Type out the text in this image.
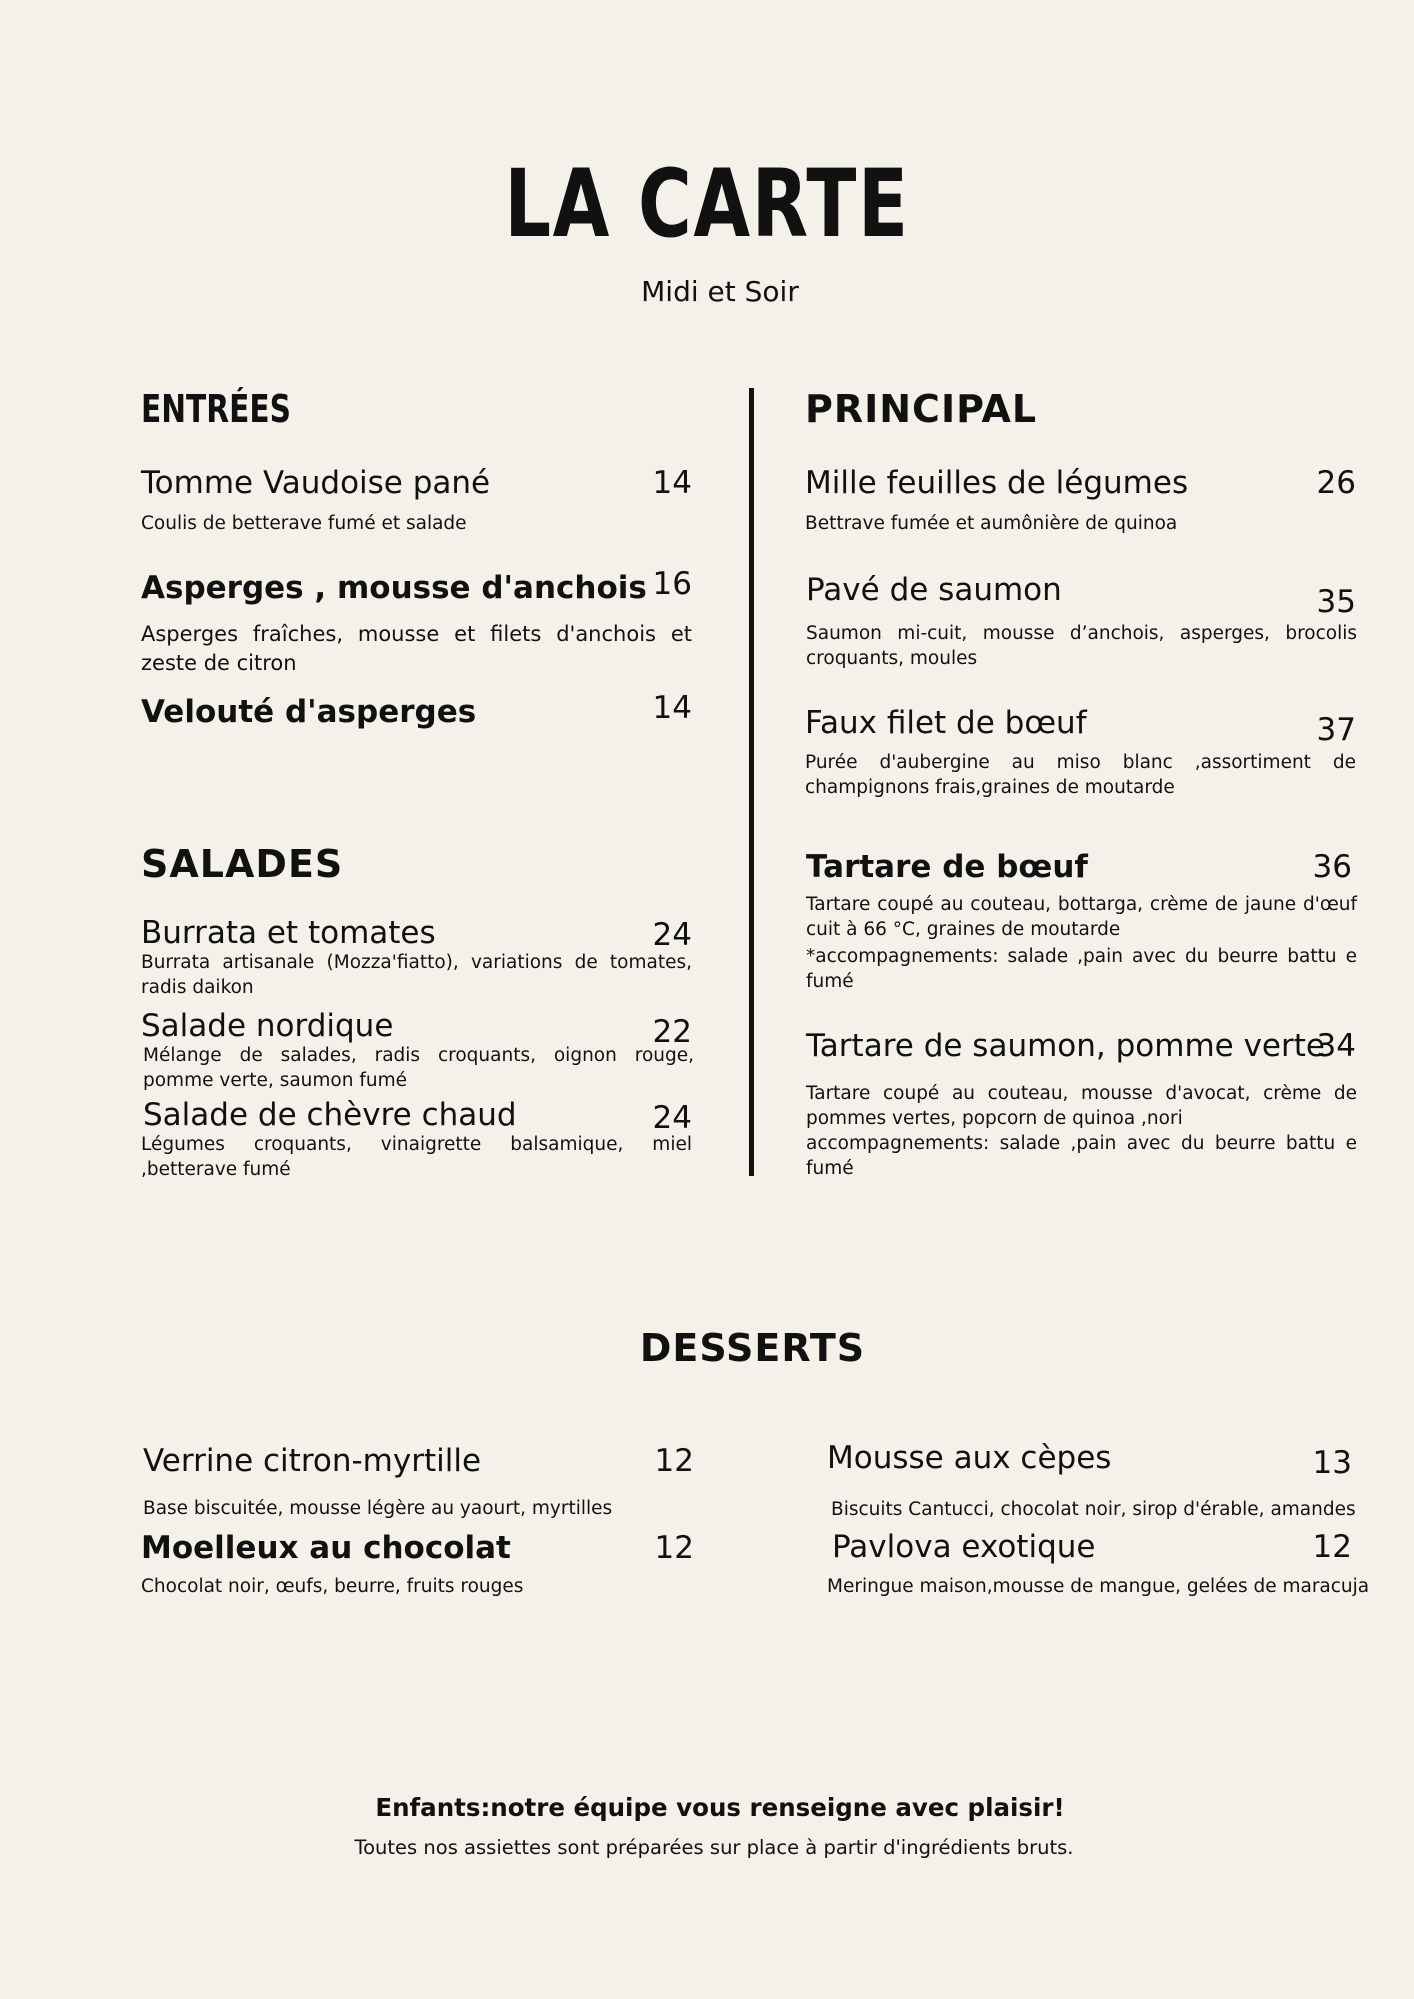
LA CARTE
Midi et Soir
ENTRÉES
Tomme Vaudoise pané	14
Coulis de betterave fumé et salade
Asperges , mousse d'anchois 16
Asperges fraîches, mousse et filets d'anchois et zeste de citron
Velouté d'asperges	14
SALADES
Burrata et tomates	24
Burrata artisanale (Mozza'fiatto), variations de tomates, radis daikon
Salade nordique	22
Mélange de salades, radis croquants, oignon rouge, pomme verte, saumon fumé
Salade de chèvre chaud	24
Légumes croquants, vinaigrette balsamique, miel ,betterave fumé
PRINCIPAL
Mille feuilles de légumes	26
Bettrave fumée et aumônière de quinoa
Pavé de saumon	35
Saumon mi-cuit, mousse d’anchois, asperges, brocolis croquants, moules
Faux filet de bœuf	37
Purée d'aubergine au miso blanc ,assortiment de champignons frais,graines de moutarde
Tartare de bœuf	36
Tartare coupé au couteau, bottarga, crème de jaune d'œuf cuit à 66 °C, graines de moutarde
*accompagnements: salade ,pain avec du beurre battu e fumé
Tartare de saumon, pomme verte
34
Tartare coupé au couteau, mousse d'avocat, crème de pommes vertes, popcorn de quinoa ,nori
accompagnements: salade ,pain avec du beurre battu e fumé
DESSERTS
Verrine citron-myrtille	12
Base biscuitée, mousse légère au yaourt, myrtilles
Moelleux au chocolat	12
Chocolat noir, œufs, beurre, fruits rouges
Mousse aux cèpes	13
Biscuits Cantucci, chocolat noir, sirop d'érable, amandes
Pavlova exotique	12
Meringue maison,mousse de mangue, gelées de maracuja
Enfants:notre équipe vous renseigne avec plaisir!
Toutes nos assiettes sont préparées sur place à partir d'ingrédients bruts.
